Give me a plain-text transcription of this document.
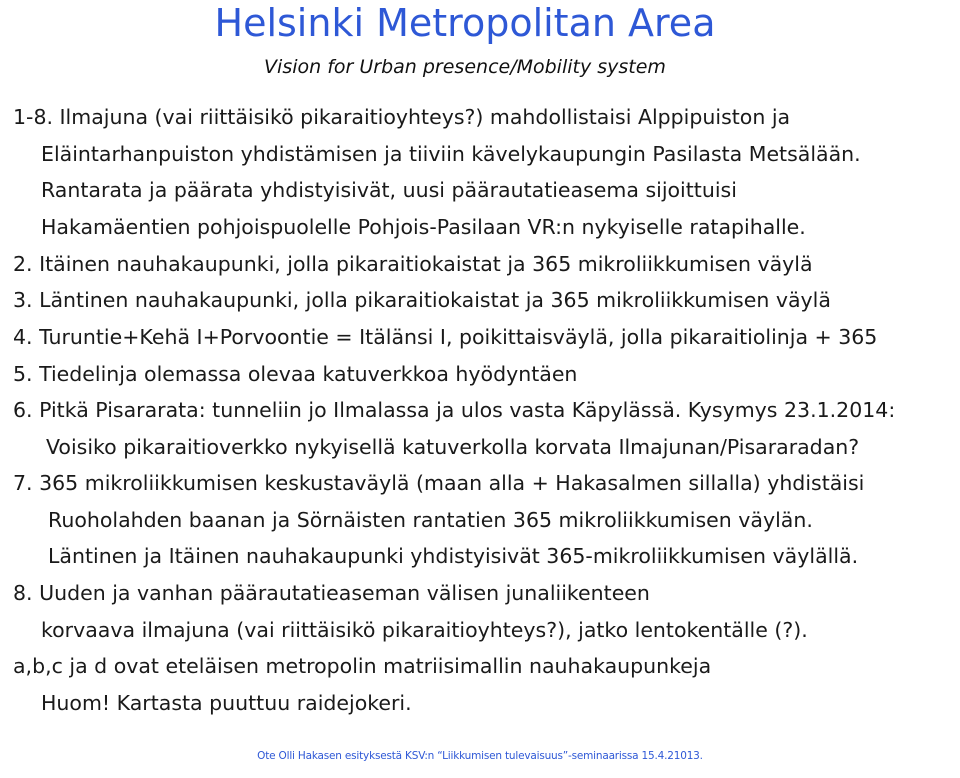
Helsinki Metropolitan Area
Vision for Urban presence/Mobility system
1-8. Ilmajuna (vai riittäisikö pikaraitioyhteys?) mahdollistaisi Alppipuiston ja
Eläintarhanpuiston yhdistämisen ja tiiviin kävelykaupungin Pasilasta Metsälään.
Rantarata ja päärata yhdistyisivät, uusi päärautatieasema sijoittuisi
Hakamäentien pohjoispuolelle Pohjois-Pasilaan VR:n nykyiselle ratapihalle.
2. Itäinen nauhakaupunki, jolla pikaraitiokaistat ja 365 mikroliikkumisen väylä
3. Läntinen nauhakaupunki, jolla pikaraitiokaistat ja 365 mikroliikkumisen väylä
4. Turuntie+Kehä I+Porvoontie = Itälänsi I, poikittaisväylä, jolla pikaraitiolinja + 365
5. Tiedelinja olemassa olevaa katuverkkoa hyödyntäen
6. Pitkä Pisararata: tunneliin jo Ilmalassa ja ulos vasta Käpylässä. Kysymys 23.1.2014:
Voisiko pikaraitioverkko nykyisellä katuverkolla korvata Ilmajunan/Pisararadan?
7. 365 mikroliikkumisen keskustaväylä (maan alla + Hakasalmen sillalla) yhdistäisi
Ruoholahden baanan ja Sörnäisten rantatien 365 mikroliikkumisen väylän.
Läntinen ja Itäinen nauhakaupunki yhdistyisivät 365-mikroliikkumisen väylällä.
8. Uuden ja vanhan päärautatieaseman välisen junaliikenteen
korvaava ilmajuna (vai riittäisikö pikaraitioyhteys?), jatko lentokentälle (?).
a,b,c ja d ovat eteläisen metropolin matriisimallin nauhakaupunkeja
Huom! Kartasta puuttuu raidejokeri.
Ote Olli Hakasen esityksestä KSV:n “Liikkumisen tulevaisuus”-seminaarissa 15.4.21013.
